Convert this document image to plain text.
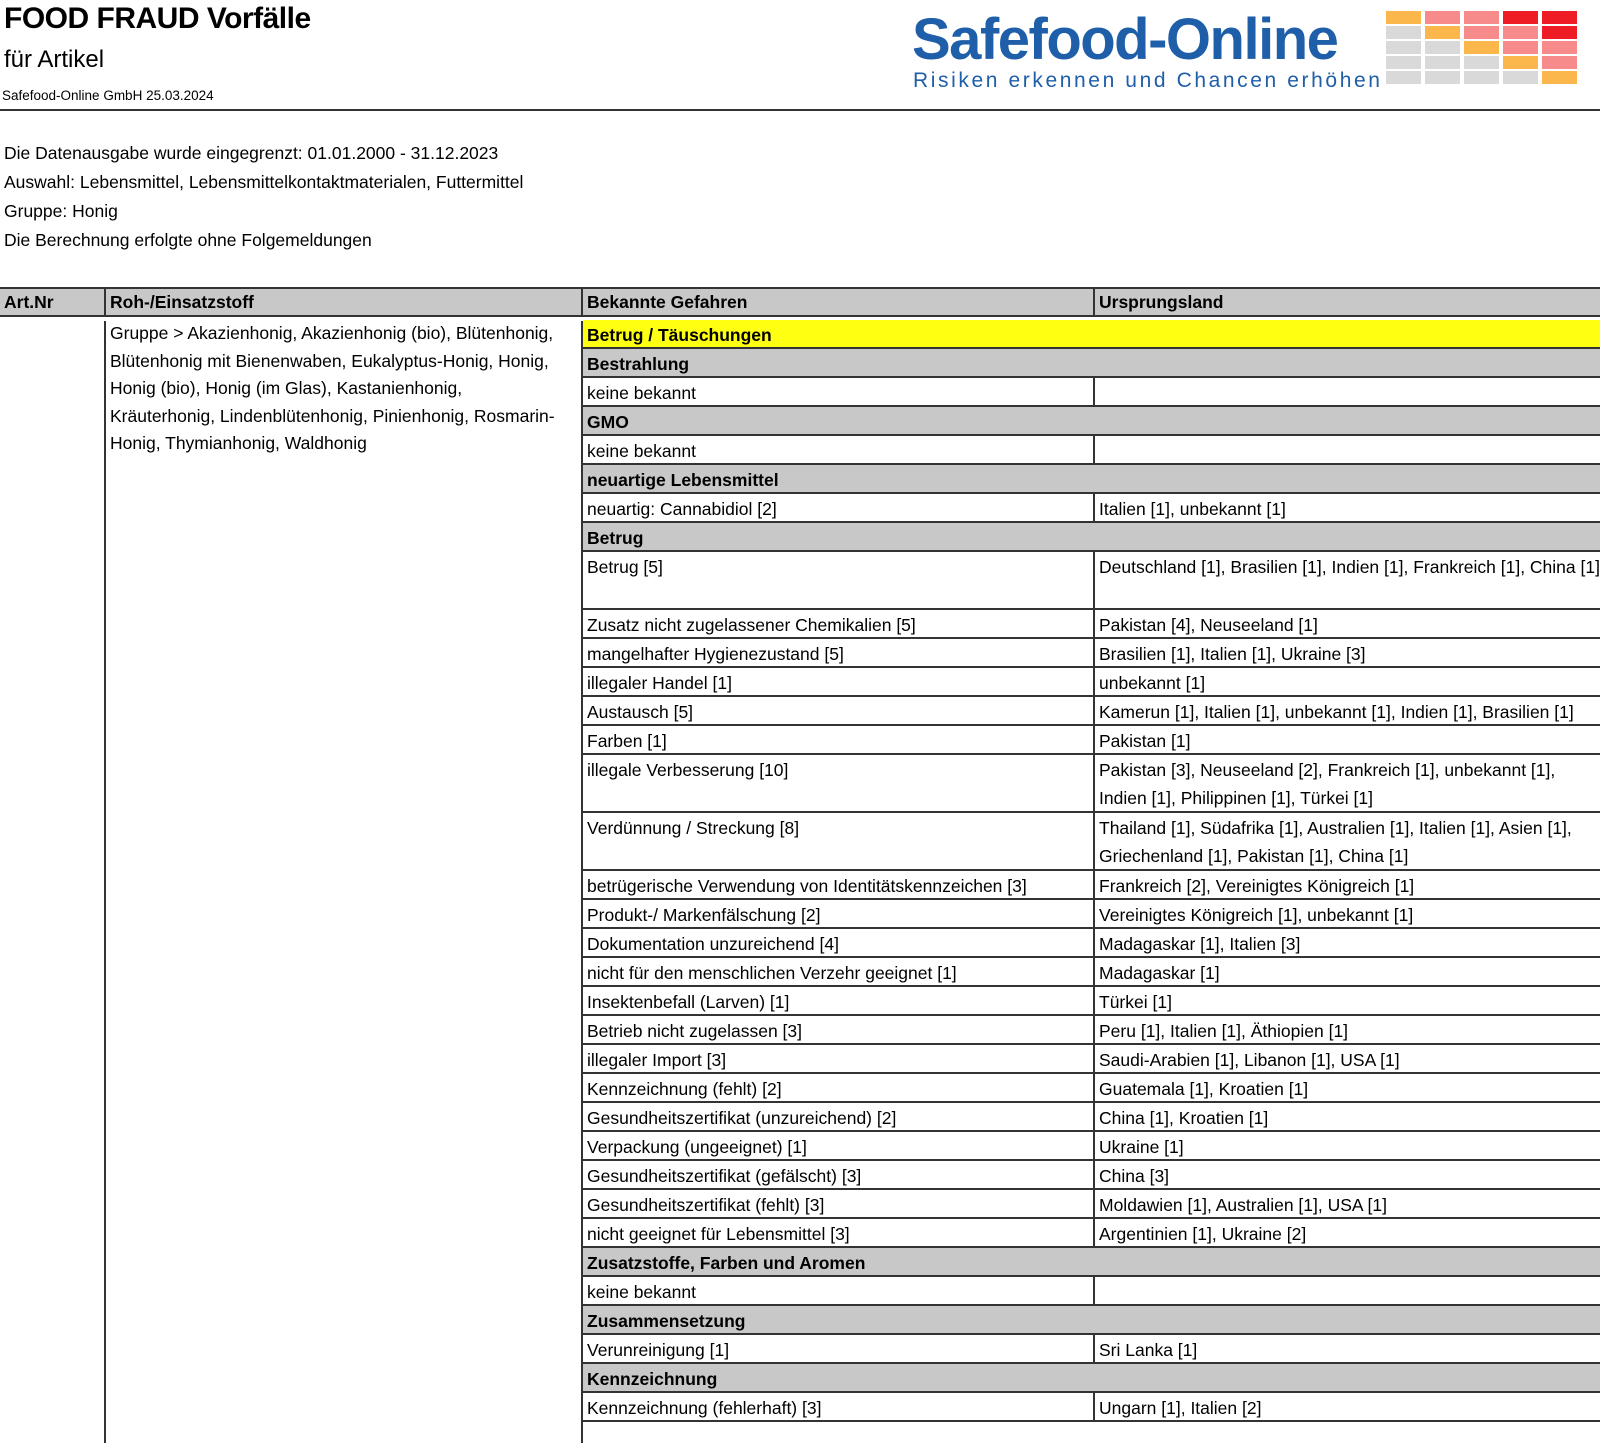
FOOD FRAUD Vorfälle
für Artikel
Safefood-Online GmbH 25.03.2024
Safefood-Online
Risiken erkennen und Chancen erhöhen
Die Datenausgabe wurde eingegrenzt: 01.01.2000 - 31.12.2023
Auswahl: Lebensmittel, Lebensmittelkontaktmaterialen, Futtermittel
Gruppe: Honig
Die Berechnung erfolgte ohne Folgemeldungen
Art.Nr	Roh-/Einsatzstoff	Bekannte Gefahren	Ursprungsland
Gruppe > Akazienhonig, Akazienhonig (bio), Blütenhonig, Blütenhonig mit Bienenwaben, Eukalyptus-Honig, Honig, Honig (bio), Honig (im Glas), Kastanienhonig, Kräuterhonig, Lindenblütenhonig, Pinienhonig, Rosmarin-Honig, Thymianhonig, Waldhonig
Betrug / Täuschungen
Bestrahlung
keine bekannt
GMO
keine bekannt
neuartige Lebensmittel
neuartig: Cannabidiol [2]	Italien [1], unbekannt [1]
Betrug
Betrug [5]	Deutschland [1], Brasilien [1], Indien [1], Frankreich [1], China [1]
Zusatz nicht zugelassener Chemikalien [5]	Pakistan [4], Neuseeland [1]
mangelhafter Hygienezustand [5]	Brasilien [1], Italien [1], Ukraine [3]
illegaler Handel [1]	unbekannt [1]
Austausch [5]	Kamerun [1], Italien [1], unbekannt [1], Indien [1], Brasilien [1]
Farben [1]	Pakistan [1]
illegale Verbesserung [10]	Pakistan [3], Neuseeland [2], Frankreich [1], unbekannt [1], Indien [1], Philippinen [1], Türkei [1]
Verdünnung / Streckung [8]	Thailand [1], Südafrika [1], Australien [1], Italien [1], Asien [1], Griechenland [1], Pakistan [1], China [1]
betrügerische Verwendung von Identitätskennzeichen [3]	Frankreich [2], Vereinigtes Königreich [1]
Produkt-/ Markenfälschung [2]	Vereinigtes Königreich [1], unbekannt [1]
Dokumentation unzureichend [4]	Madagaskar [1], Italien [3]
nicht für den menschlichen Verzehr geeignet [1]	Madagaskar [1]
Insektenbefall (Larven) [1]	Türkei [1]
Betrieb nicht zugelassen [3]	Peru [1], Italien [1], Äthiopien [1]
illegaler Import [3]	Saudi-Arabien [1], Libanon [1], USA [1]
Kennzeichnung (fehlt) [2]	Guatemala [1], Kroatien [1]
Gesundheitszertifikat (unzureichend) [2]	China [1], Kroatien [1]
Verpackung (ungeeignet) [1]	Ukraine [1]
Gesundheitszertifikat (gefälscht) [3]	China [3]
Gesundheitszertifikat (fehlt) [3]	Moldawien [1], Australien [1], USA [1]
nicht geeignet für Lebensmittel [3]	Argentinien [1], Ukraine [2]
Zusatzstoffe, Farben und Aromen
keine bekannt
Zusammensetzung
Verunreinigung [1]	Sri Lanka [1]
Kennzeichnung
Kennzeichnung (fehlerhaft) [3]	Ungarn [1], Italien [2]
